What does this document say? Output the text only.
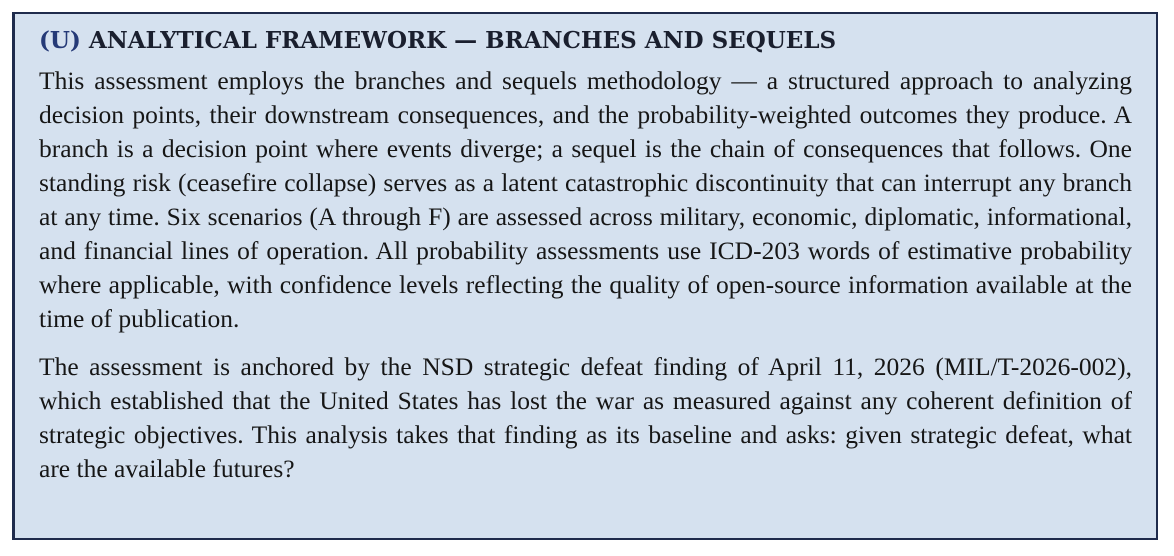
(U) ANALYTICAL FRAMEWORK — BRANCHES AND SEQUELS

This assessment employs the branches and sequels methodology — a structured approach to analyzing decision points, their downstream consequences, and the probability-weighted outcomes they produce. A branch is a decision point where events diverge; a sequel is the chain of consequences that follows. One standing risk (ceasefire collapse) serves as a latent catastrophic discontinuity that can interrupt any branch at any time. Six scenarios (A through F) are assessed across military, economic, diplomatic, informational, and financial lines of operation. All probability assessments use ICD-203 words of estimative probability where applicable, with confidence levels reflecting the quality of open-source information available at the time of publication.

The assessment is anchored by the NSD strategic defeat finding of April 11, 2026 (MIL/T-2026-002), which established that the United States has lost the war as measured against any coherent definition of strategic objectives. This analysis takes that finding as its baseline and asks: given strategic defeat, what are the available futures?
